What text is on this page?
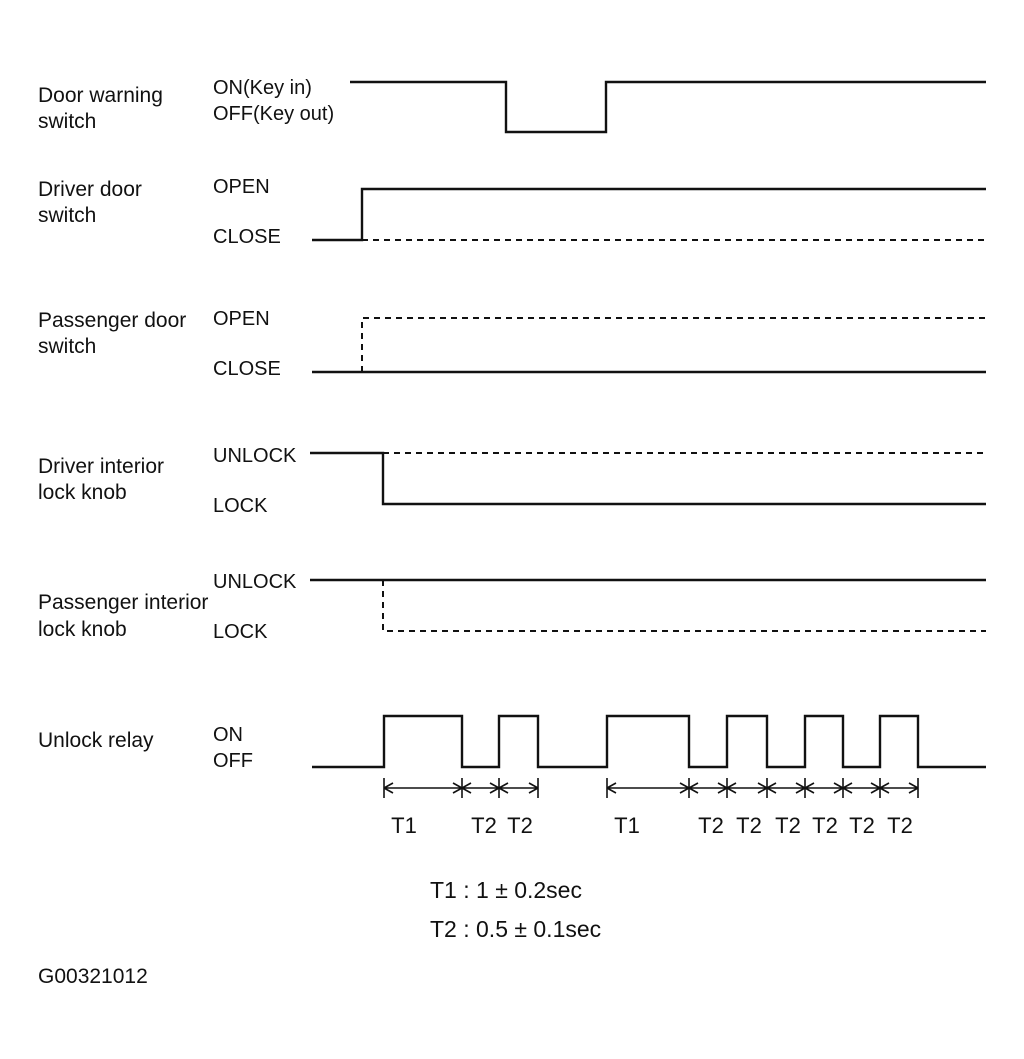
Door warning
switch
ON(Key in)
OFF(Key out)
Driver door
switch
OPEN
CLOSE
Passenger door
switch
OPEN
CLOSE
Driver interior
lock knob
UNLOCK
LOCK
Passenger interior
lock knob
UNLOCK
LOCK
Unlock relay	ON
OFF
T1 T2 T2	T1	T2 T2 T2 T2 T2 T2
T1 : 1 ± 0.2sec
T2 : 0.5 ± 0.1sec
G00321012
